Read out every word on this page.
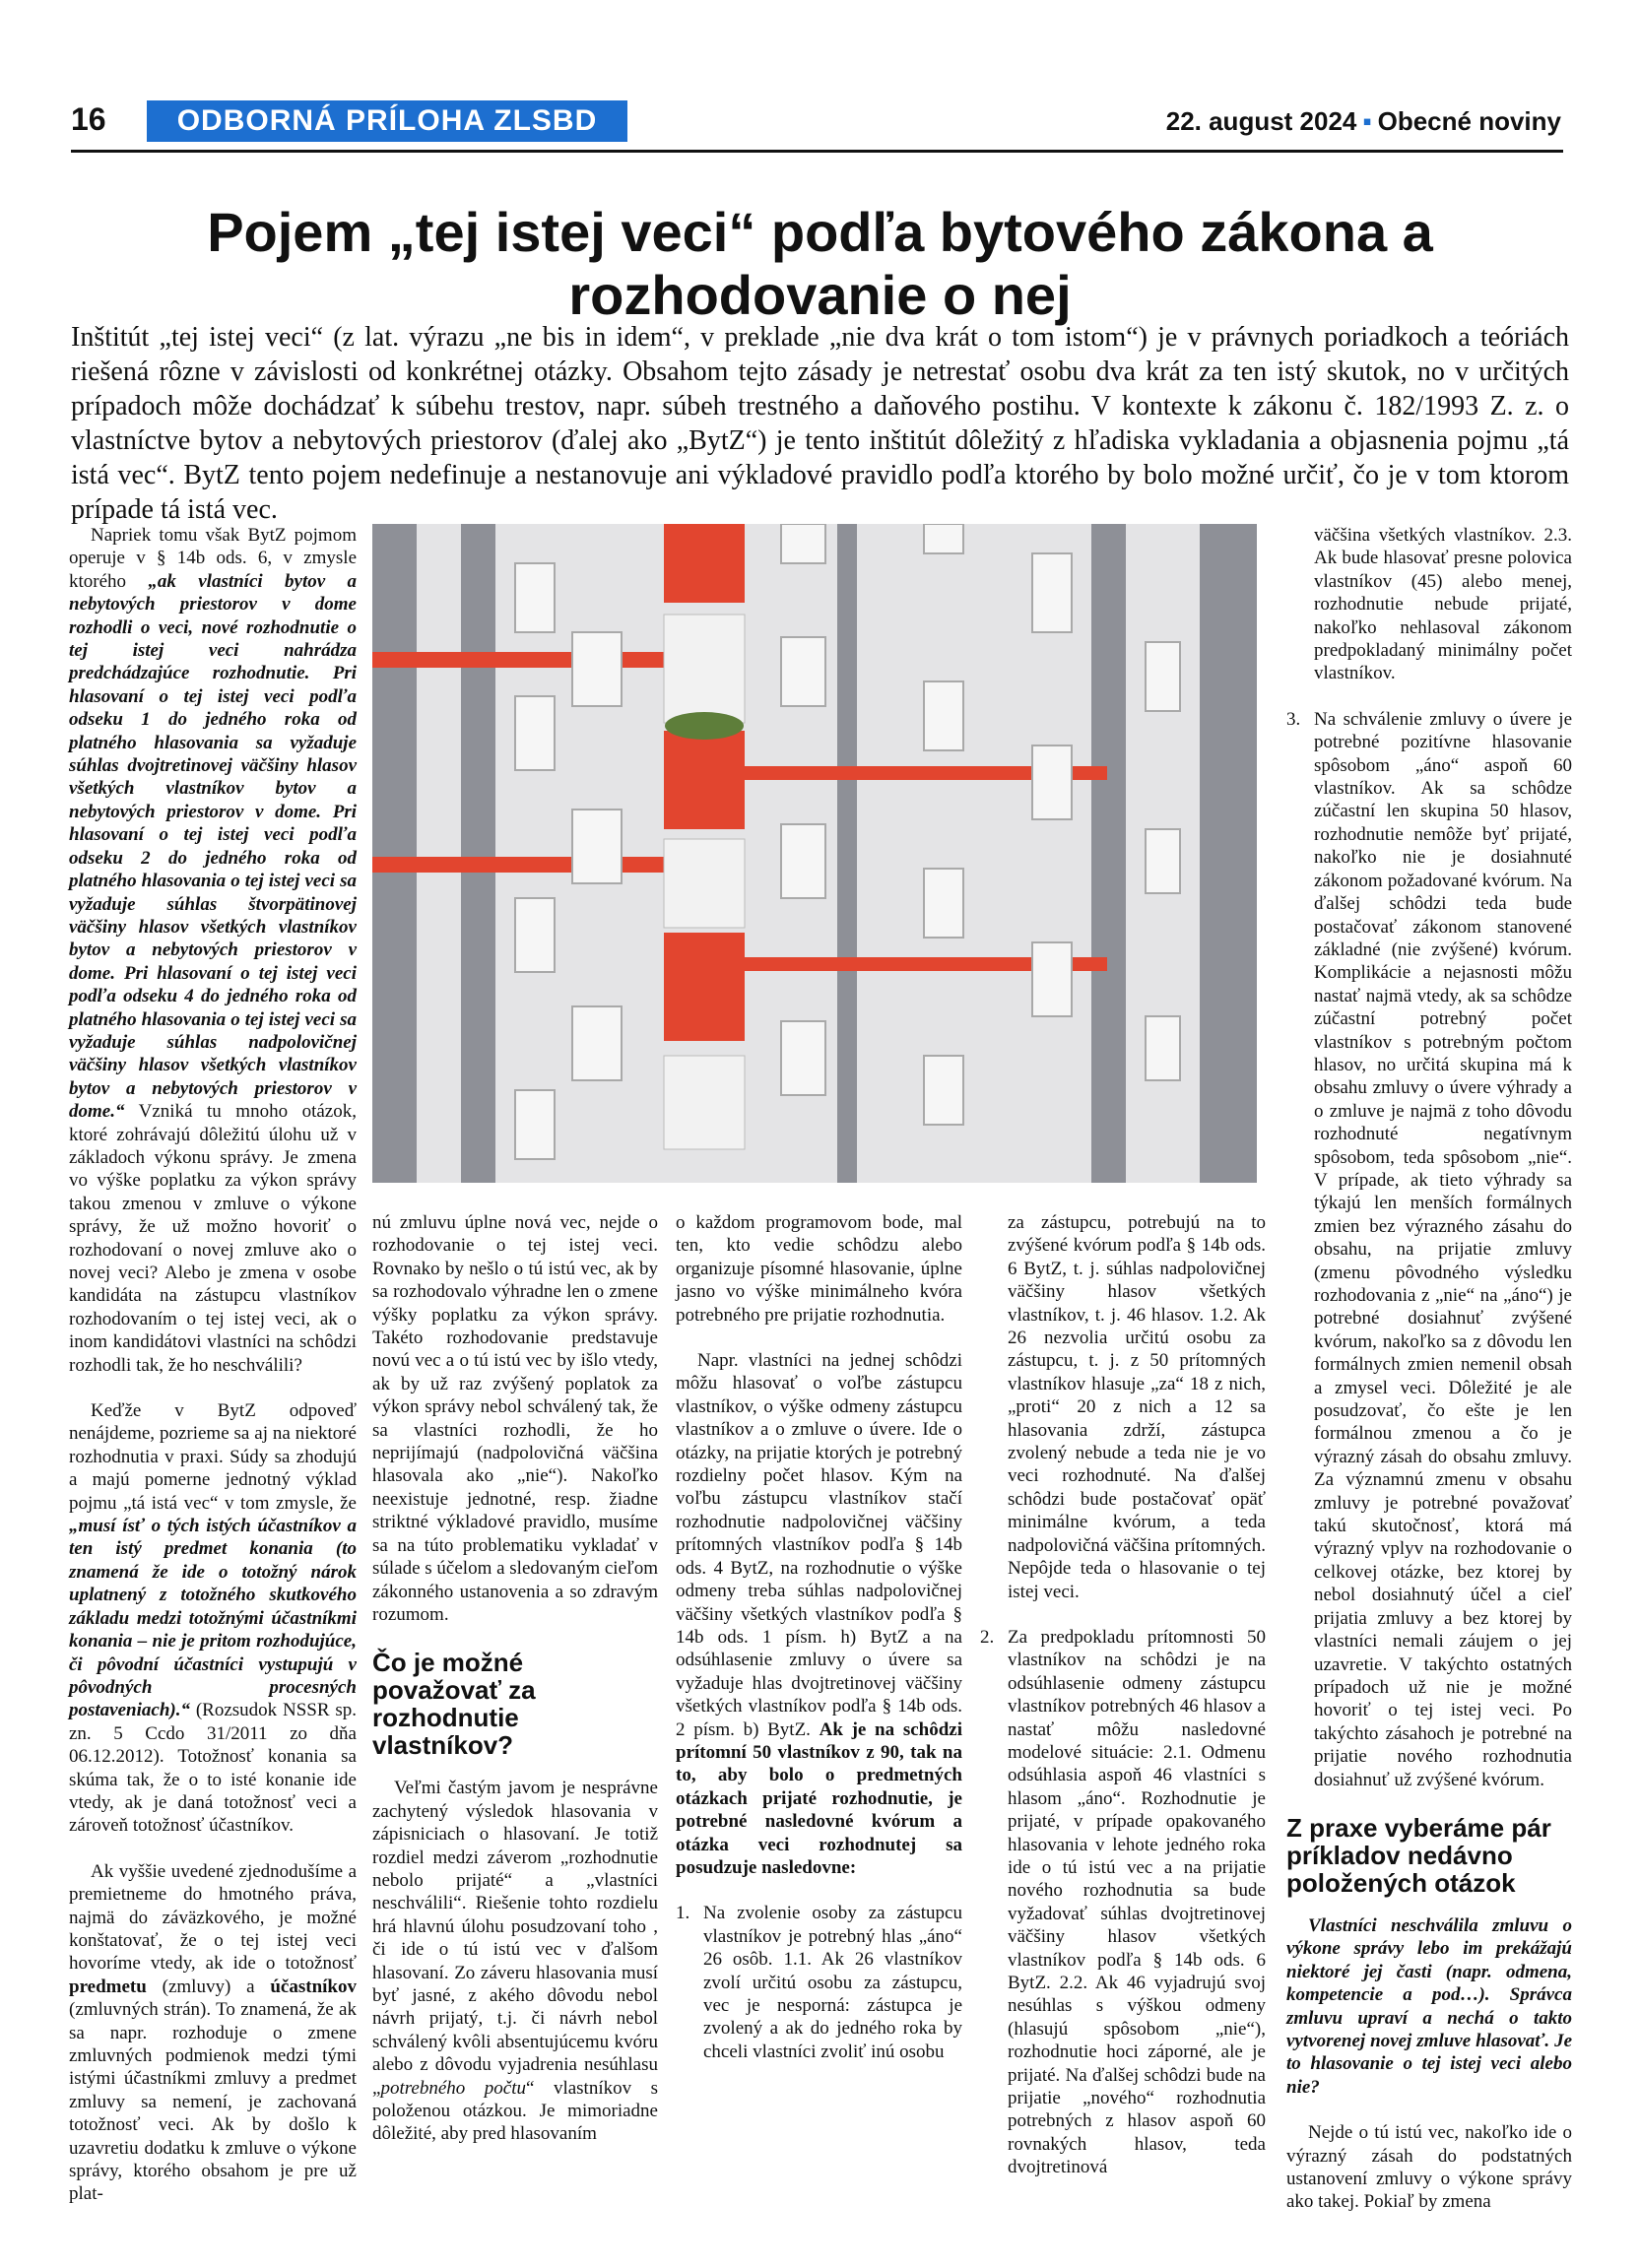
16	ODBORNÁ PRÍLOHA ZLSBD	22. august 2024 ▪ Obecné noviny
Pojem „tej istej veci“ podľa bytového zákona a rozhodovanie o nej

Inštitút „tej istej veci“ (z lat. výrazu „ne bis in idem“, v preklade „nie dva krát o tom istom“) je v právnych poriadkoch a teóriách riešená rôzne v závislosti od konkrétnej otázky. Obsahom tejto zásady je netrestať osobu dva krát za ten istý skutok, no v určitých prípadoch môže dochádzať k súbehu trestov, napr. súbeh trestného a daňového postihu. V kontexte k zákonu č. 182/1993 Z. z. o vlastníctve bytov a nebytových priestorov (ďalej ako „BytZ“) je tento inštitút dôležitý z hľadiska vykladania a objasnenia pojmu „tá istá vec“. BytZ tento pojem nedefinuje a nestanovuje ani výkladové pravidlo podľa ktorého by bolo možné určiť, čo je v tom ktorom prípade tá istá vec.

Napriek tomu však BytZ pojmom operuje v § 14b ods. 6, v zmysle ktorého „ak vlastníci bytov a nebytových priestorov v dome rozhodli o veci, nové rozhodnutie o tej istej veci nahrádza predchádzajúce rozhodnutie. Pri hlasovaní o tej istej veci podľa odseku 1 do jedného roka od platného hlasovania sa vyžaduje súhlas dvojtretinovej väčšiny hlasov všetkých vlastníkov bytov a nebytových priestorov v dome. Pri hlasovaní o tej istej veci podľa odseku 2 do jedného roka od platného hlasovania o tej istej veci sa vyžaduje súhlas štvorpätinovej väčšiny hlasov všetkých vlastníkov bytov a nebytových priestorov v dome. Pri hlasovaní o tej istej veci podľa odseku 4 do jedného roka od platného hlasovania o tej istej veci sa vyžaduje súhlas nadpolovičnej väčšiny hlasov všetkých vlastníkov bytov a nebytových priestorov v dome.“ Vzniká tu mnoho otázok, ktoré zohrávajú dôležitú úlohu už v základoch výkonu správy. Je zmena vo výške poplatku za výkon správy takou zmenou v zmluve o výkone správy, že už možno hovoriť o rozhodovaní o novej zmluve ako o novej veci? Alebo je zmena v osobe kandidáta na zástupcu vlastníkov rozhodovaním o tej istej veci, ak o inom kandidátovi vlastníci na schôdzi rozhodli tak, že ho neschválili?

Keďže v BytZ odpoveď nenájdeme, pozrieme sa aj na niektoré rozhodnutia v praxi. Súdy sa zhodujú a majú pomerne jednotný výklad pojmu „tá istá vec“ v tom zmysle, že „musí ísť o tých istých účastníkov a ten istý predmet konania (to znamená že ide o totožný nárok uplatnený z totožného skutkového základu medzi totožnými účastníkmi konania – nie je pritom rozhodujúce, či pôvodní účastníci vystupujú v pôvodných procesných postaveniach).“ (Rozsudok NSSR sp. zn. 5 Ccdo 31/2011 zo dňa 06.12.2012). Totožnosť konania sa skúma tak, že o to isté konanie ide vtedy, ak je daná totožnosť veci a zároveň totožnosť účastníkov.

Ak vyššie uvedené zjednodušíme a premietneme do hmotného práva, najmä do záväzkového, je možné konštatovať, že o tej istej veci hovoríme vtedy, ak ide o totožnosť predmetu (zmluvy) a účastníkov (zmluvných strán). To znamená, že ak sa napr. rozhoduje o zmene zmluvných podmienok medzi tými istými účastníkmi zmluvy a predmet zmluvy sa nemení, je zachovaná totožnosť veci. Ak by došlo k uzavretiu dodatku k zmluve o výkone správy, ktorého obsahom je pre už plat-

nú zmluvu úplne nová vec, nejde o rozhodovanie o tej istej veci. Rovnako by nešlo o tú istú vec, ak by sa rozhodovalo výhradne len o zmene výšky poplatku za výkon správy. Takéto rozhodovanie predstavuje novú vec a o tú istú vec by išlo vtedy, ak by už raz zvýšený poplatok za výkon správy nebol schválený tak, že sa vlastníci rozhodli, že ho neprijímajú (nadpolovičná väčšina hlasovala ako „nie“). Nakoľko neexistuje jednotné, resp. žiadne striktné výkladové pravidlo, musíme sa na túto problematiku vykladať v súlade s účelom a sledovaným cieľom zákonného ustanovenia a so zdravým rozumom.

Čo je možné považovať za rozhodnutie vlastníkov?

Veľmi častým javom je nesprávne zachytený výsledok hlasovania v zápisniciach o hlasovaní. Je totiž rozdiel medzi záverom „rozhodnutie nebolo prijaté“ a „vlastníci neschválili“. Riešenie tohto rozdielu hrá hlavnú úlohu posudzovaní toho , či ide o tú istú vec v ďalšom hlasovaní. Zo záveru hlasovania musí byť jasné, z akého dôvodu nebol návrh prijatý, t.j. či návrh nebol schválený kvôli absentujúcemu kvóru alebo z dôvodu vyjadrenia nesúhlasu „potrebného počtu“ vlastníkov s položenou otázkou. Je mimoriadne dôležité, aby pred hlasovaním

o každom programovom bode, mal ten, kto vedie schôdzu alebo organizuje písomné hlasovanie, úplne jasno vo výške minimálneho kvóra potrebného pre prijatie rozhodnutia.

Napr. vlastníci na jednej schôdzi môžu hlasovať o voľbe zástupcu vlastníkov, o výške odmeny zástupcu vlastníkov a o zmluve o úvere. Ide o otázky, na prijatie ktorých je potrebný rozdielny počet hlasov. Kým na voľbu zástupcu vlastníkov stačí rozhodnutie nadpolovičnej väčšiny prítomných vlastníkov podľa § 14b ods. 4 BytZ, na rozhodnutie o výške odmeny treba súhlas nadpolovičnej väčšiny všetkých vlastníkov podľa § 14b ods. 1 písm. h) BytZ a na odsúhlasenie zmluvy o úvere sa vyžaduje hlas dvojtretinovej väčšiny všetkých vlastníkov podľa § 14b ods. 2 písm. b) BytZ. Ak je na schôdzi prítomní 50 vlastníkov z 90, tak na to, aby bolo o predmetných otázkach prijaté rozhodnutie, je potrebné nasledovné kvórum a otázka veci rozhodnutej sa posudzuje nasledovne:

1. Na zvolenie osoby za zástupcu vlastníkov je potrebný hlas „áno“ 26 osôb. 1.1. Ak 26 vlastníkov zvolí určitú osobu za zástupcu, vec je nesporná: zástupca je zvolený a ak do jedného roka by chceli vlastníci zvoliť inú osobu

za zástupcu, potrebujú na to zvýšené kvórum podľa § 14b ods. 6 BytZ, t. j. súhlas nadpolovičnej väčšiny hlasov všetkých vlastníkov, t. j. 46 hlasov. 1.2. Ak 26 nezvolia určitú osobu za zástupcu, t. j. z 50 prítomných vlastníkov hlasuje „za“ 18 z nich, „proti“ 20 z nich a 12 sa hlasovania zdrží, zástupca zvolený nebude a teda nie je vo veci rozhodnuté. Na ďalšej schôdzi bude postačovať opäť minimálne kvórum, a teda nadpolovičná väčšina prítomných. Nepôjde teda o hlasovanie o tej istej veci.

2. Za predpokladu prítomnosti 50 vlastníkov na schôdzi je na odsúhlasenie odmeny zástupcu vlastníkov potrebných 46 hlasov a nastať môžu nasledovné modelové situácie: 2.1. Odmenu odsúhlasia aspoň 46 vlastníci s hlasom „áno“. Rozhodnutie je prijaté, v prípade opakovaného hlasovania v lehote jedného roka ide o tú istú vec a na prijatie nového rozhodnutia sa bude vyžadovať súhlas dvojtretinovej väčšiny hlasov všetkých vlastníkov podľa § 14b ods. 6 BytZ. 2.2. Ak 46 vyjadrujú svoj nesúhlas s výškou odmeny (hlasujú spôsobom „nie“), rozhodnutie hoci záporné, ale je prijaté. Na ďalšej schôdzi bude na prijatie „nového“ rozhodnutia potrebných z hlasov aspoň 60 rovnakých hlasov, teda dvojtretinová

väčšina všetkých vlastníkov. 2.3. Ak bude hlasovať presne polovica vlastníkov (45) alebo menej, rozhodnutie nebude prijaté, nakoľko nehlasoval zákonom predpokladaný minimálny počet vlastníkov.

3. Na schválenie zmluvy o úvere je potrebné pozitívne hlasovanie spôsobom „áno“ aspoň 60 vlastníkov. Ak sa schôdze zúčastní len skupina 50 hlasov, rozhodnutie nemôže byť prijaté, nakoľko nie je dosiahnuté zákonom požadované kvórum. Na ďalšej schôdzi teda bude postačovať zákonom stanovené základné (nie zvýšené) kvórum. Komplikácie a nejasnosti môžu nastať najmä vtedy, ak sa schôdze zúčastní potrebný počet vlastníkov s potrebným počtom hlasov, no určitá skupina má k obsahu zmluvy o úvere výhrady a o zmluve je najmä z toho dôvodu rozhodnuté negatívnym spôsobom, teda spôsobom „nie“. V prípade, ak tieto výhrady sa týkajú len menších formálnych zmien bez výrazného zásahu do obsahu, na prijatie zmluvy (zmenu pôvodného výsledku rozhodovania z „nie“ na „áno“) je potrebné dosiahnuť zvýšené kvórum, nakoľko sa z dôvodu len formálnych zmien nemenil obsah a zmysel veci. Dôležité je ale posudzovať, čo ešte je len formálnou zmenou a čo je výrazný zásah do obsahu zmluvy. Za významnú zmenu v obsahu zmluvy je potrebné považovať takú skutočnosť, ktorá má výrazný vplyv na rozhodovanie o celkovej otázke, bez ktorej by nebol dosiahnutý účel a cieľ prijatia zmluvy a bez ktorej by vlastníci nemali záujem o jej uzavretie. V takýchto ostatných prípadoch už nie je možné hovoriť o tej istej veci. Po takýchto zásahoch je potrebné na prijatie nového rozhodnutia dosiahnuť už zvýšené kvórum.
Z praxe vyberáme pár príkladov nedávno položených otázok

Vlastníci neschválila zmluvu o výkone správy lebo im prekážajú niektoré jej časti (napr. odmena, kompetencie a pod…). Správca zmluvu upraví a nechá o takto vytvorenej novej zmluve hlasovať. Je to hlasovanie o tej istej veci alebo nie?

Nejde o tú istú vec, nakoľko ide o výrazný zásah do podstatných ustanovení zmluvy o výkone správy ako takej. Pokiaľ by zmena
